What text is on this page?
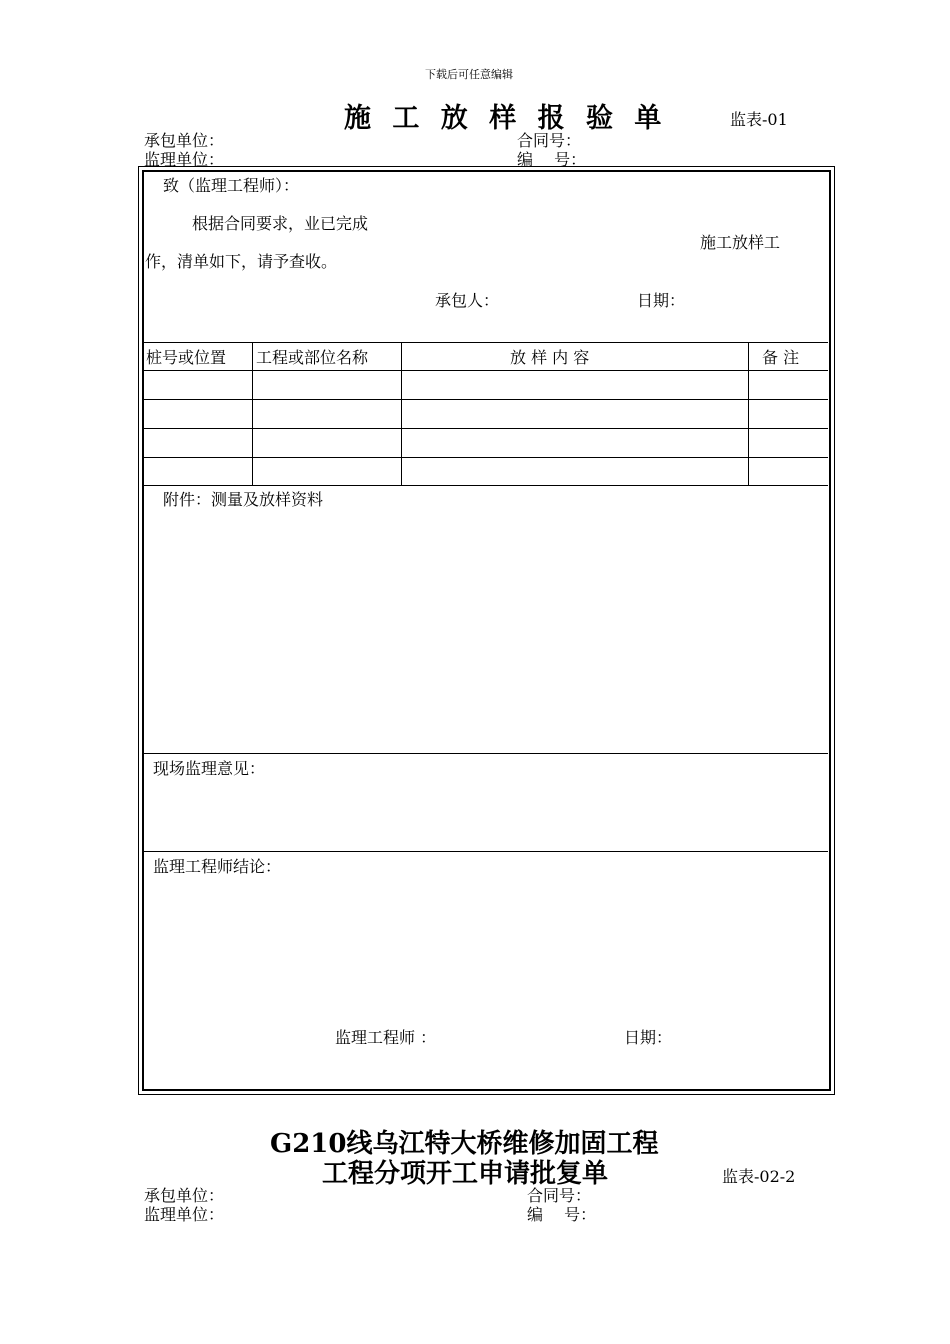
下载后可任意编辑
施 工 放 样 报 验 单	监表-01
承包单位：	合同号：
监理单位：	编　 号：
致（监理工程师）：
根据合同要求，业已完成
施工放样工
作，清单如下，请予查收。
承包人：	日期：
桩号或位置 工程或部位名称	放 样 内 容	备 注
附件：测量及放样资料
现场监理意见：
监理工程师结论：
监理工程师 ：	日期：
G210线乌江特大桥维修加固工程
工程分项开工申请批复单	监表-02-2
承包单位：	合同号：
监理单位：	编　 号：
